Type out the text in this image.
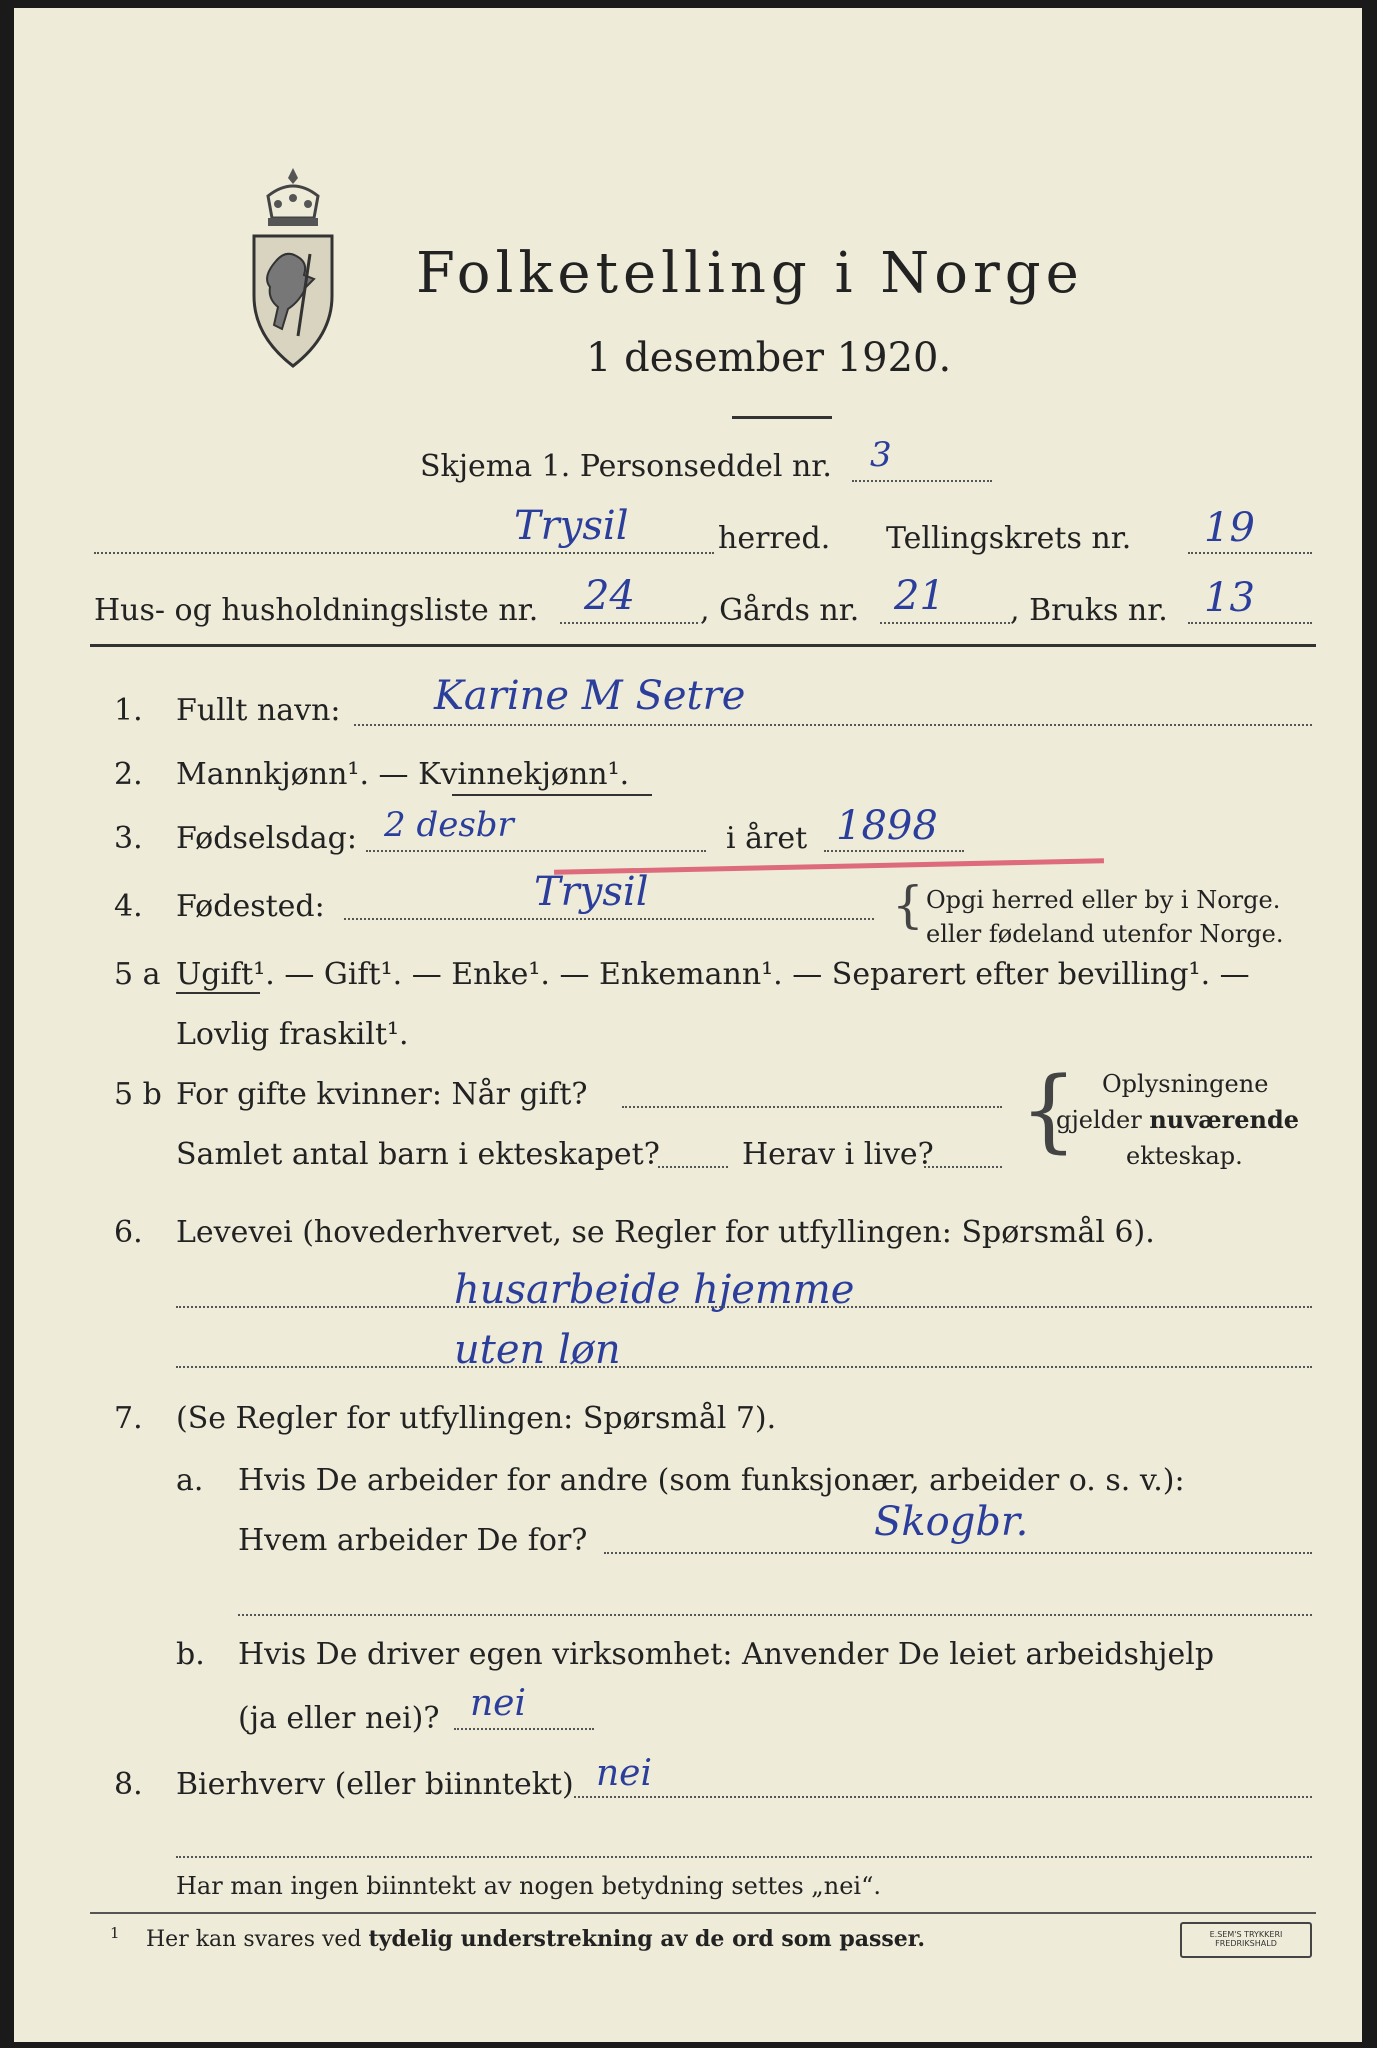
Folketelling i Norge
1 desember 1920.
Skjema 1. Personseddel nr. 3
Trysil	herred. Tellingskrets nr. 19
Hus- og husholdningsliste nr. 24 , Gårds nr. 21 , Bruks nr. 13
1. Fullt navn: Karine M Setre
2. Mannkjønn¹. — Kvinnekjønn¹.
3. Fødselsdag: 2 desbr	i året 1898
4. Fødested:	Trysil	{ Opgi herred eller by i Norge.
eller fødeland utenfor Norge.
5 a Ugift¹. — Gift¹. — Enke¹. — Enkemann¹. — Separert efter bevilling¹. —
Lovlig fraskilt¹.
5 b For gifte kvinner: Når gift?
Samlet antal barn i ekteskapet?	Herav i live? { Oplysningene
gjelder nuværende
ekteskap.
6. Levevei (hovederhvervet, se Regler for utfyllingen: Spørsmål 6).
husarbeide hjemme
uten løn
7. (Se Regler for utfyllingen: Spørsmål 7).
a. Hvis De arbeider for andre (som funksjonær, arbeider o. s. v.):
Hvem arbeider De for?	Skogbr.
b. Hvis De driver egen virksomhet: Anvender De leiet arbeidshjelp
(ja eller nei)? nei
8. Bierhverv (eller biinntekt) nei
Har man ingen biinntekt av nogen betydning settes „nei“.
1 Her kan svares ved tydelig understrekning av de ord som passer.	E.SEM'S TRYKKERI FREDRIKSHALD
